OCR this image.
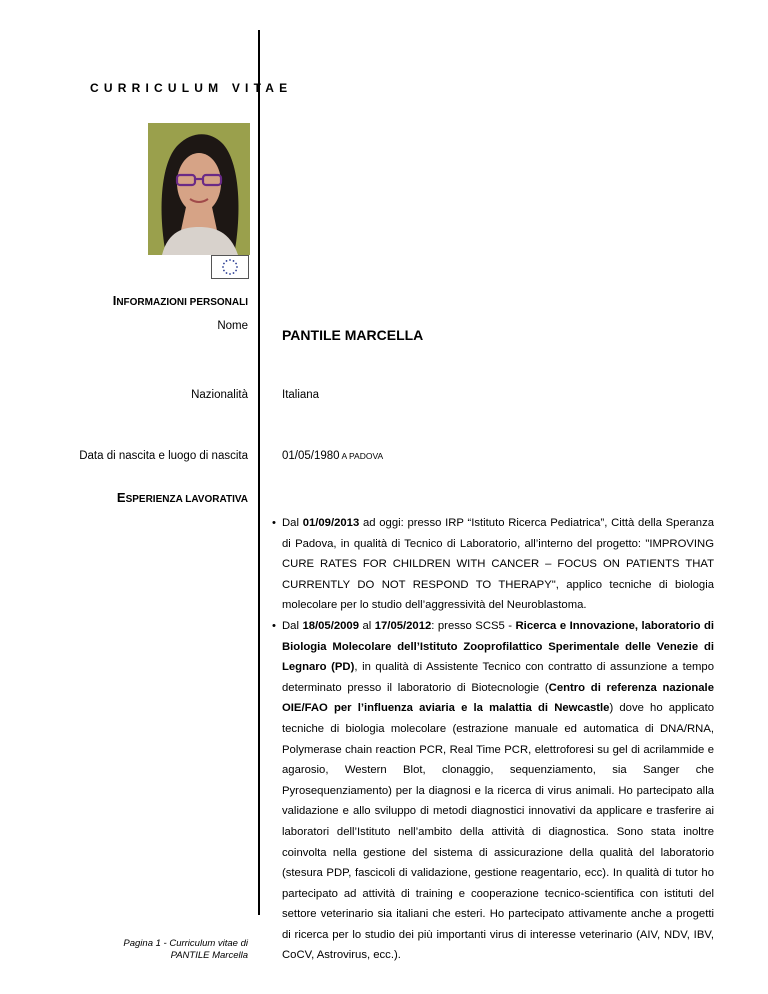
CURRICULUM VITAE
INFORMAZIONI PERSONALI
Nome
PANTILE MARCELLA
Nazionalità	Italiana
Data di nascita e luogo di nascita	01/05/1980 A PADOVA
ESPERIENZA LAVORATIVA
• Dal 01/09/2013 ad oggi: presso IRP “Istituto Ricerca Pediatrica”, Città della Speranza di Padova, in qualità di Tecnico di Laboratorio, all’interno del progetto: "IMPROVING CURE RATES FOR CHILDREN WITH CANCER – FOCUS ON PATIENTS THAT CURRENTLY DO NOT RESPOND TO THERAPY", applico tecniche di biologia molecolare per lo studio dell’aggressività del Neuroblastoma.
• Dal 18/05/2009 al 17/05/2012: presso SCS5 - Ricerca e Innovazione, laboratorio di Biologia Molecolare dell’Istituto Zooprofilattico Sperimentale delle Venezie di Legnaro (PD), in qualità di Assistente Tecnico con contratto di assunzione a tempo determinato presso il laboratorio di Biotecnologie (Centro di referenza nazionale OIE/FAO per l’influenza aviaria e la malattia di Newcastle) dove ho applicato tecniche di biologia molecolare (estrazione manuale ed automatica di DNA/RNA, Polymerase chain reaction PCR, Real Time PCR, elettroforesi su gel di acrilammide e agarosio, Western Blot, clonaggio, sequenziamento, sia Sanger che Pyrosequenziamento) per la diagnosi e la ricerca di virus animali. Ho partecipato alla validazione e allo sviluppo di metodi diagnostici innovativi da applicare e trasferire ai laboratori dell’Istituto nell’ambito della attività di diagnostica. Sono stata inoltre coinvolta nella gestione del sistema di assicurazione della qualità del laboratorio (stesura PDP, fascicoli di validazione, gestione reagentario, ecc). In qualità di tutor ho partecipato ad attività di training e cooperazione tecnico-scientifica con istituti del settore veterinario sia italiani che esteri. Ho partecipato attivamente anche a progetti di ricerca per lo studio dei più importanti virus di interesse veterinario (AIV, NDV, IBV, CoCV, Astrovirus, ecc.).
Pagina 1 - Curriculum vitae di
PANTILE Marcella
